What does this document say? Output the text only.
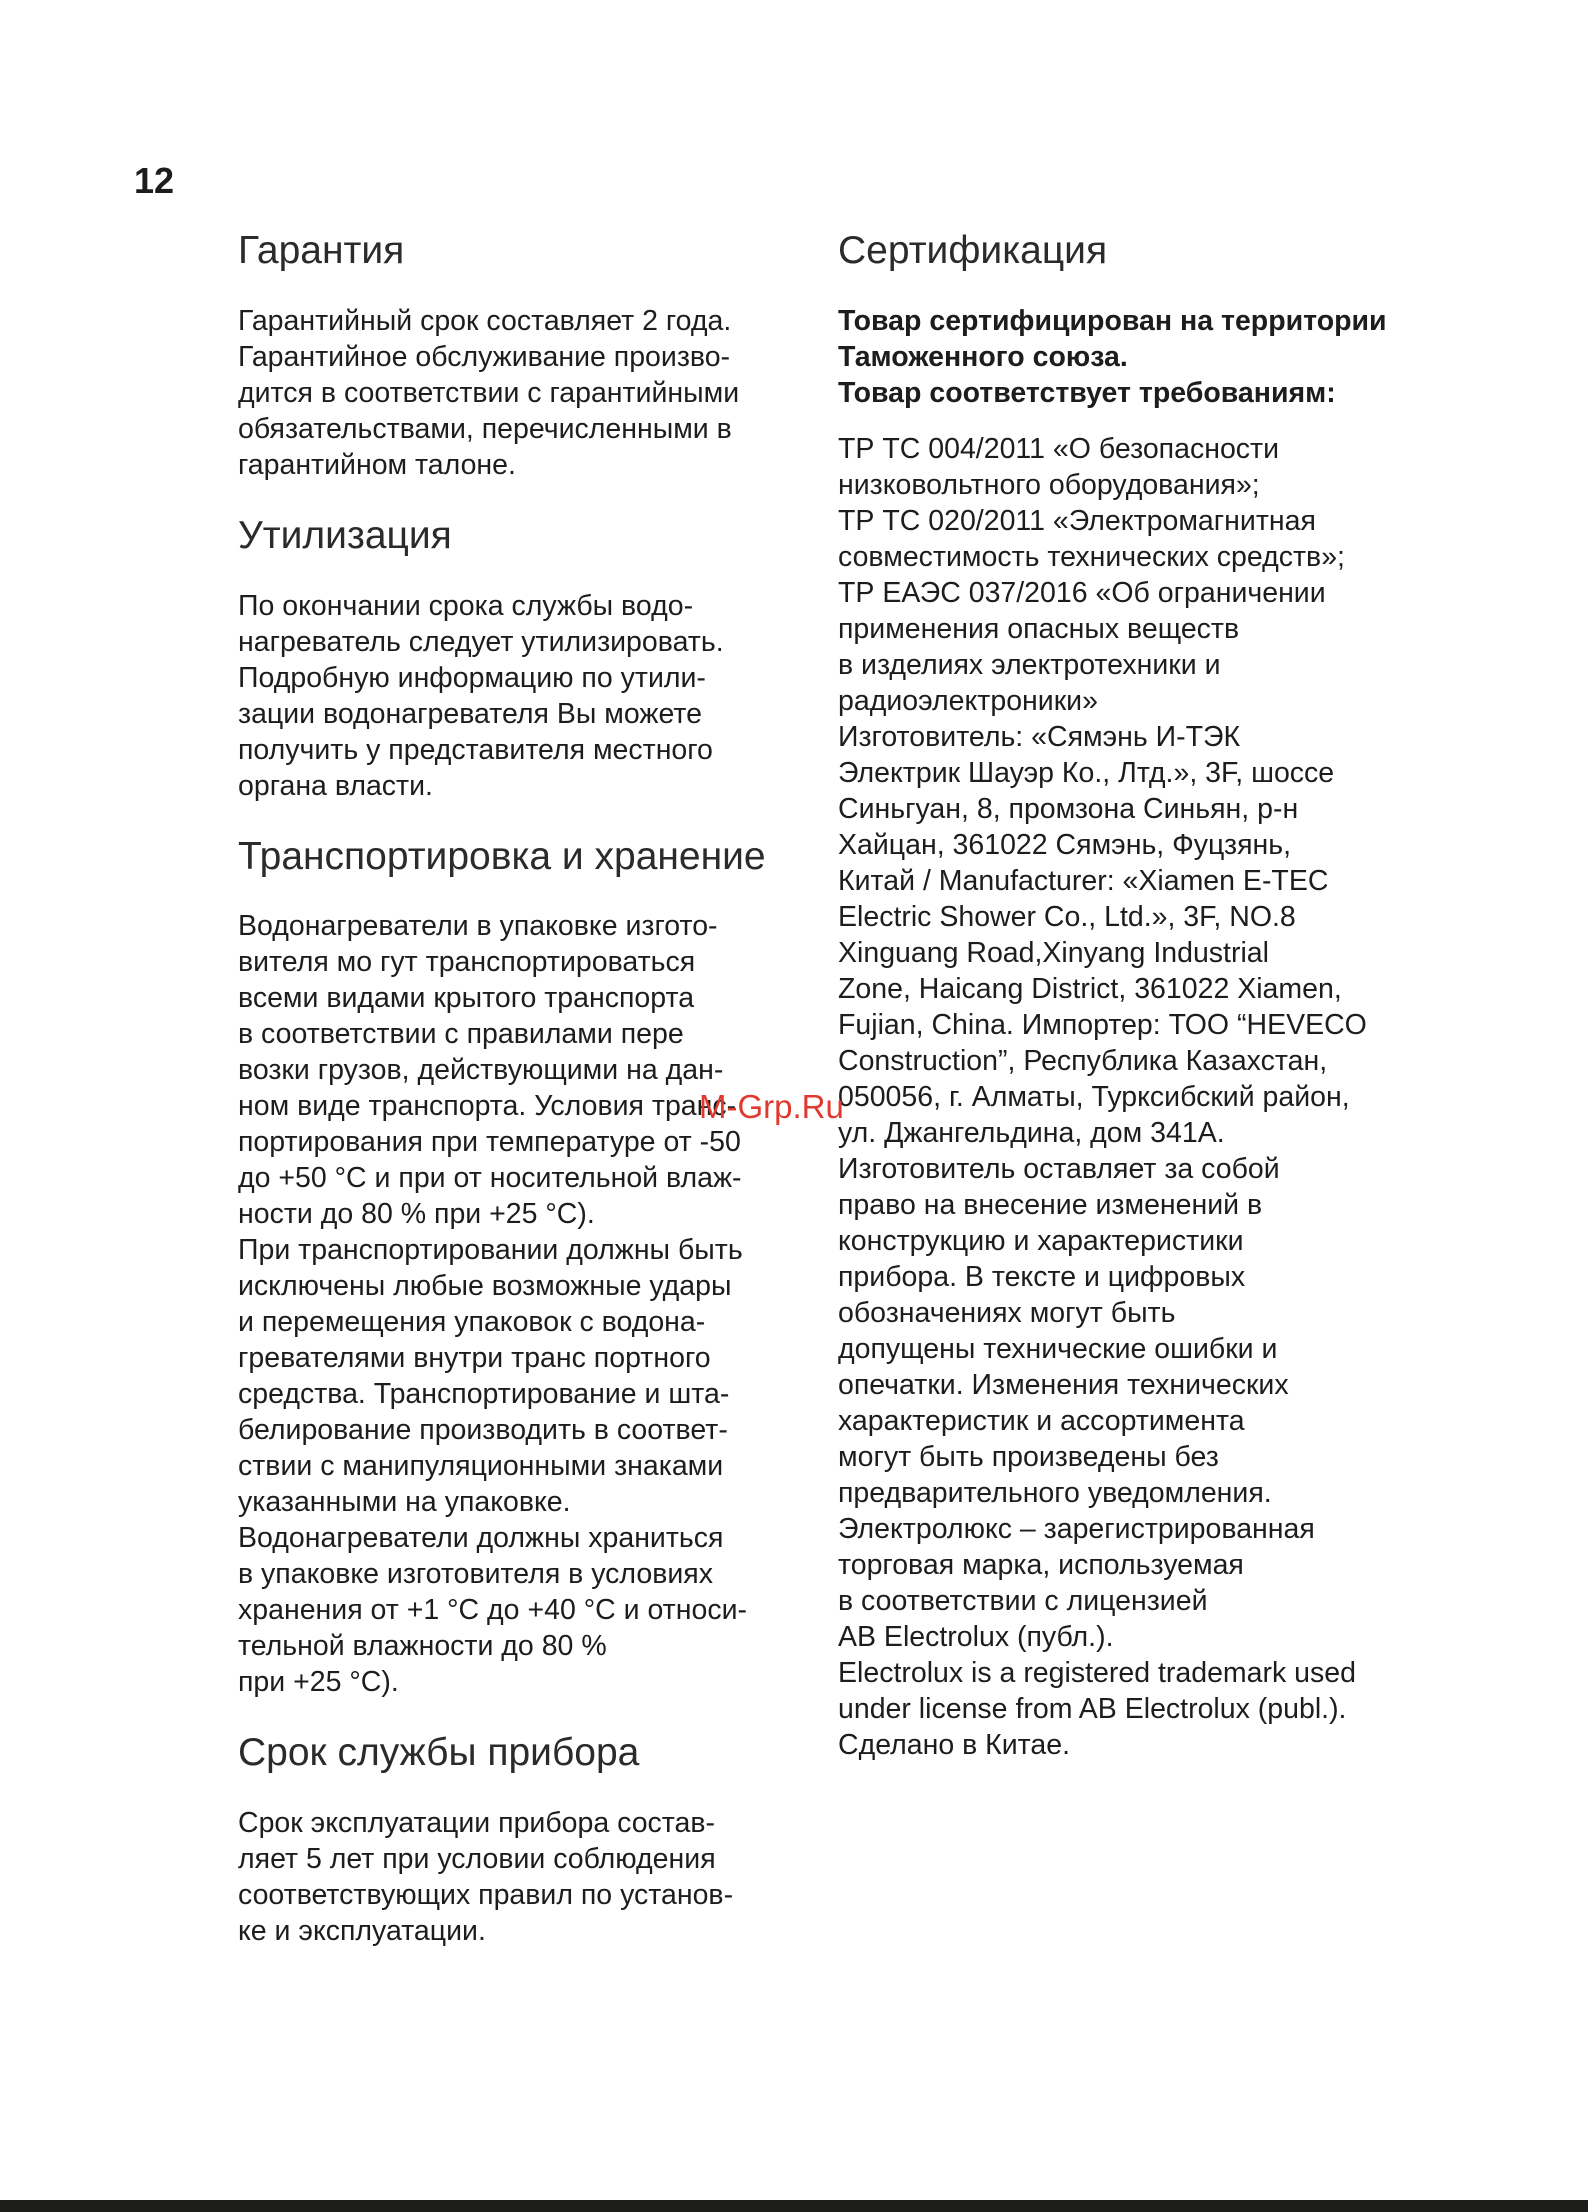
12
Гарантия

Гарантийный срок составляет 2 года.
Гарантийное обслуживание произво-
дится в соответствии с гарантийными
обязательствами, перечисленными в
гарантийном талоне.

Утилизация

По окончании срока службы водо-
нагреватель следует утилизировать.
Подробную информацию по утили-
зации водонагревателя Вы можете
получить у представителя местного
органа власти.

Транспортировка и хранение

Водонагреватели в упаковке изгото-
вителя мо гут транспортироваться
всеми видами крытого транспорта
в соответствии с правилами пере
возки грузов, действующими на дан-
ном виде транспорта. Условия транс-
портирования при температуре от -50
до +50 °С и при от носительной влаж-
ности до 80 % при +25 °С).
При транспортировании должны быть
исключены любые возможные удары
и перемещения упаковок с водона-
гревателями внутри транс портного
средства. Транспортирование и шта-
белирование производить в соответ-
ствии с манипуляционными знаками
указанными на упаковке.
Водонагреватели должны храниться
в упаковке изготовителя в условиях
хранения от +1 °С до +40 °С и относи-
тельной влажности до 80 %
при +25 °С).

Срок службы прибора

Срок эксплуатации прибора состав-
ляет 5 лет при условии соблюдения
соответствующих правил по установ-
ке и эксплуатации.

Сертификация

Товар сертифицирован на территории
Таможенного союза.
Товар соответствует требованиям:

ТР ТС 004/2011 «О безопасности
низковольтного оборудования»;
ТР ТС 020/2011 «Электромагнитная
совместимость технических средств»;
ТР ЕАЭС 037/2016 «Об ограничении
применения опасных веществ
в изделиях электротехники и
радиоэлектроники»
Изготовитель: «Сямэнь И-ТЭК
Электрик Шауэр Ко., Лтд.», 3F, шоссе
Синьгуан, 8, промзона Синьян, р-н
Хайцан, 361022 Сямэнь, Фуцзянь,
Китай / Manufacturer: «Xiamen E-TEC
Electric Shower Co., Ltd.», 3F, NO.8
Xinguang Road,Xinyang Industrial
Zone, Haicang District, 361022 Xiamen,
Fujian, China. Импортер: ТОО “HEVECO
Construction”, Республика Казахстан,
050056, г. Алматы, Турксибский район,
ул. Джангельдина, дом 341А.
Изготовитель оставляет за собой
право на внесение изменений в
конструкцию и характеристики
прибора. В тексте и цифровых
обозначениях могут быть
допущены технические ошибки и
опечатки. Изменения технических
характеристик и ассортимента
могут быть произведены без
предварительного уведомления.
Электролюкс – зарегистрированная
торговая марка, используемая
в соответствии с лицензией
AB Electrolux (публ.).
Electrolux is a registered trademark used
under license from AB Electrolux (publ.).
Сделано в Китае.

M-Grp.Ru
